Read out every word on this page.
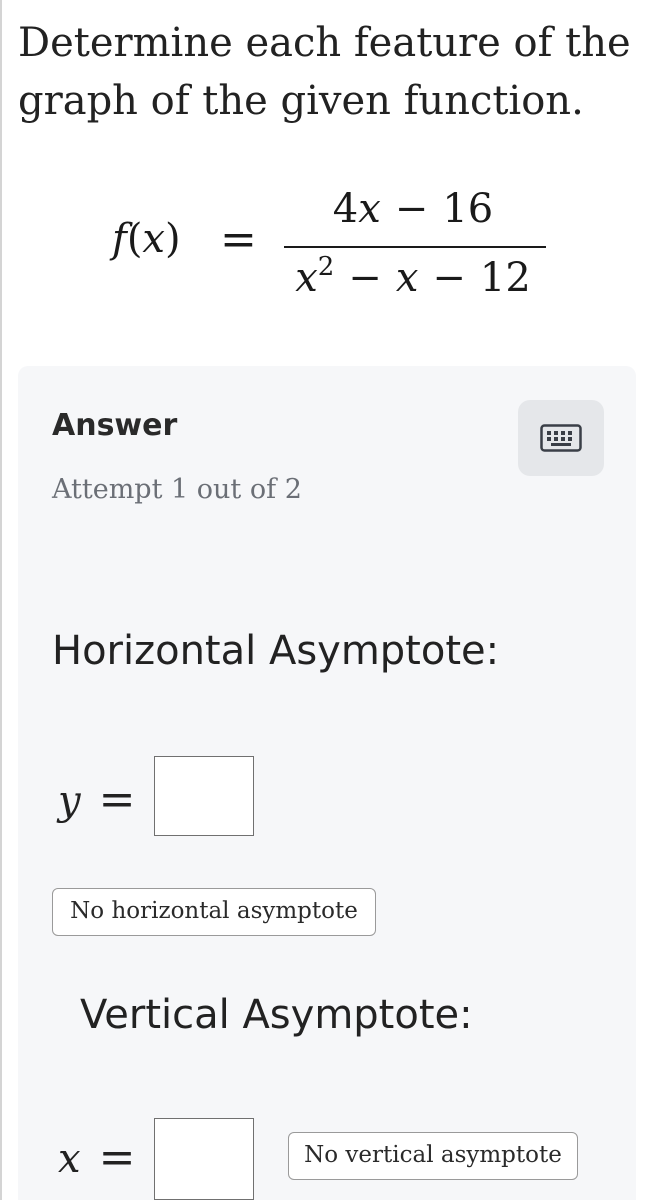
Determine each feature of the graph of the given function.
f(x) =
4x − 16
$x^2 - x - 12$
Answer
Attempt 1 out of 2
Horizontal Asymptote:
y =
No horizontal asymptote
Vertical Asymptote:
x =	No vertical asymptote
